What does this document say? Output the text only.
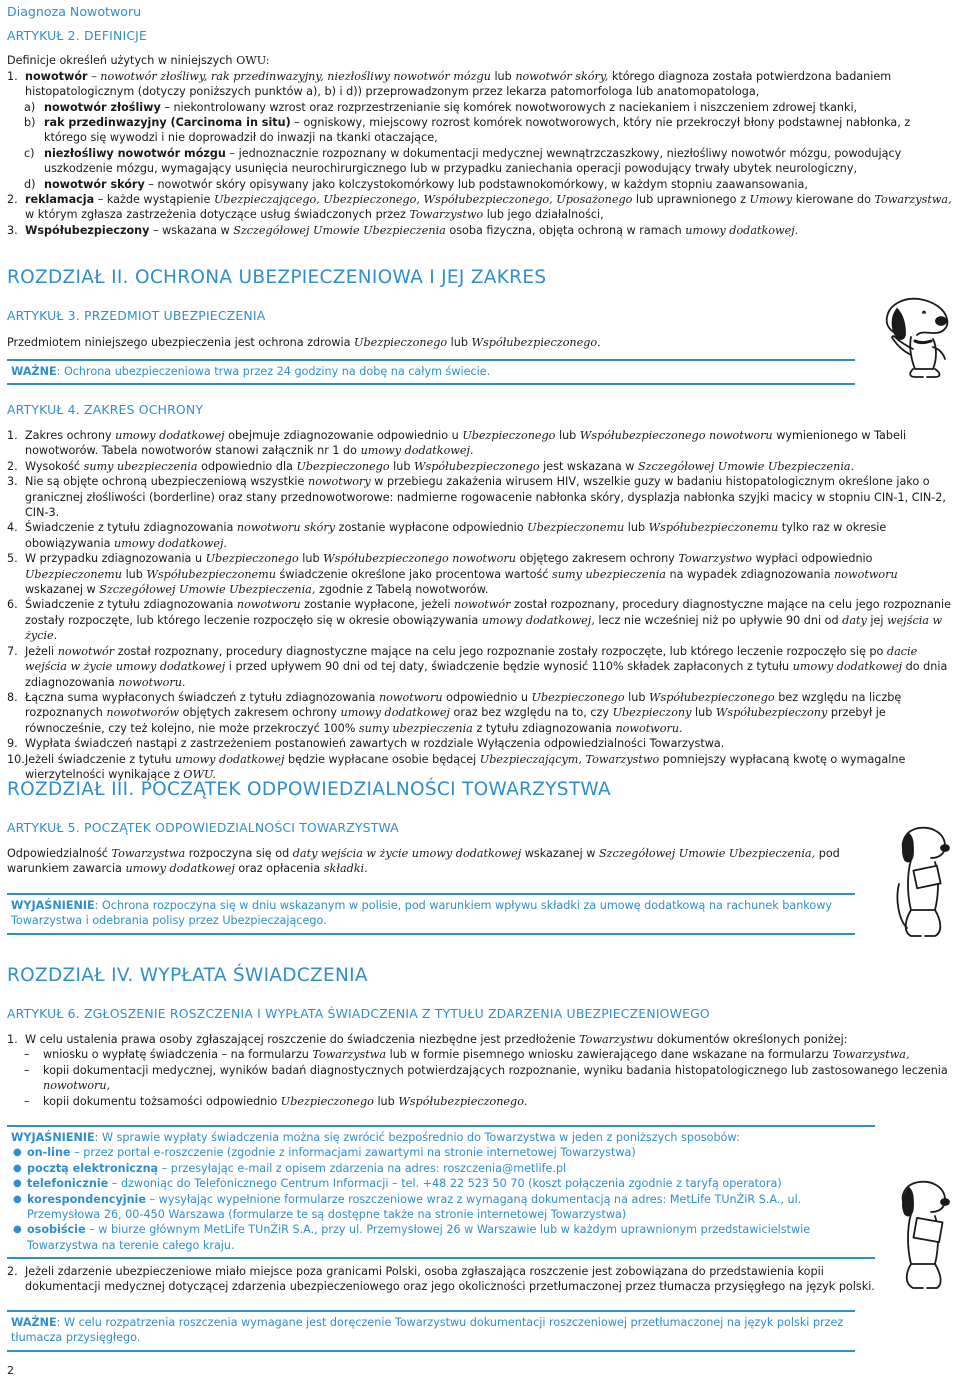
Diagnoza Nowotworu
ARTYKUŁ 2. DEFINICJE

Definicje określeń użytych w niniejszych OWU:

1. nowotwór – nowotwór złośliwy, rak przedinwazyjny, niezłośliwy nowotwór mózgu lub nowotwór skóry, którego diagnoza została potwierdzona badaniem histopatologicznym (dotyczy poniższych punktów a), b) i d)) przeprowadzonym przez lekarza patomorfologa lub anatomopatologa,
a) nowotwór złośliwy – niekontrolowany wzrost oraz rozprzestrzenianie się komórek nowotworowych z naciekaniem i niszczeniem zdrowej tkanki,
b) rak przedinwazyjny (Carcinoma in situ) – ogniskowy, miejscowy rozrost komórek nowotworowych, który nie przekroczył błony podstawnej nabłonka, z którego się wywodzi i nie doprowadził do inwazji na tkanki otaczające,
c) niezłośliwy nowotwór mózgu – jednoznacznie rozpoznany w dokumentacji medycznej wewnątrzczaszkowy, niezłośliwy nowotwór mózgu, powodujący uszkodzenie mózgu, wymagający usunięcia neurochirurgicznego lub w przypadku zaniechania operacji powodujący trwały ubytek neurologiczny,
d) nowotwór skóry – nowotwór skóry opisywany jako kolczystokomórkowy lub podstawnokomórkowy, w każdym stopniu zaawansowania,
2. reklamacja – każde wystąpienie Ubezpieczającego, Ubezpieczonego, Współubezpieczonego, Uposażonego lub uprawnionego z Umowy kierowane do Towarzystwa, w którym zgłasza zastrzeżenia dotyczące usług świadczonych przez Towarzystwo lub jego działalności,
3. Współubezpieczony – wskazana w Szczegółowej Umowie Ubezpieczenia osoba fizyczna, objęta ochroną w ramach umowy dodatkowej.
ROZDZIAŁ II. OCHRONA UBEZPIECZENIOWA I JEJ ZAKRES
ARTYKUŁ 3. PRZEDMIOT UBEZPIECZENIA

Przedmiotem niniejszego ubezpieczenia jest ochrona zdrowia Ubezpieczonego lub Współubezpieczonego.

WAŻNE: Ochrona ubezpieczeniowa trwa przez 24 godziny na dobę na całym świecie.
ARTYKUŁ 4. ZAKRES OCHRONY
1. Zakres ochrony umowy dodatkowej obejmuje zdiagnozowanie odpowiednio u Ubezpieczonego lub Współubezpieczonego nowotworu wymienionego w Tabeli nowotworów. Tabela nowotworów stanowi załącznik nr 1 do umowy dodatkowej.
2. Wysokość sumy ubezpieczenia odpowiednio dla Ubezpieczonego lub Współubezpieczonego jest wskazana w Szczegółowej Umowie Ubezpieczenia.
3. Nie są objęte ochroną ubezpieczeniową wszystkie nowotwory w przebiegu zakażenia wirusem HIV, wszelkie guzy w badaniu histopatologicznym określone jako o granicznej złośliwości (borderline) oraz stany przednowotworowe: nadmierne rogowacenie nabłonka skóry, dysplazja nabłonka szyjki macicy w stopniu CIN-1, CIN-2, CIN-3.
4. Świadczenie z tytułu zdiagnozowania nowotworu skóry zostanie wypłacone odpowiednio Ubezpieczonemu lub Współubezpieczonemu tylko raz w okresie obowiązywania umowy dodatkowej.
5. W przypadku zdiagnozowania u Ubezpieczonego lub Współubezpieczonego nowotworu objętego zakresem ochrony Towarzystwo wypłaci odpowiednio Ubezpieczonemu lub Współubezpieczonemu świadczenie określone jako procentowa wartość sumy ubezpieczenia na wypadek zdiagnozowania nowotworu wskazanej w Szczegółowej Umowie Ubezpieczenia, zgodnie z Tabelą nowotworów.
6. Świadczenie z tytułu zdiagnozowania nowotworu zostanie wypłacone, jeżeli nowotwór został rozpoznany, procedury diagnostyczne mające na celu jego rozpoznanie zostały rozpoczęte, lub którego leczenie rozpoczęło się w okresie obowiązywania umowy dodatkowej, lecz nie wcześniej niż po upływie 90 dni od daty jej wejścia w życie.
7. Jeżeli nowotwór został rozpoznany, procedury diagnostyczne mające na celu jego rozpoznanie zostały rozpoczęte, lub którego leczenie rozpoczęło się po dacie wejścia w życie umowy dodatkowej i przed upływem 90 dni od tej daty, świadczenie będzie wynosić 110% składek zapłaconych z tytułu umowy dodatkowej do dnia zdiagnozowania nowotworu.
8. Łączna suma wypłaconych świadczeń z tytułu zdiagnozowania nowotworu odpowiednio u Ubezpieczonego lub Współubezpieczonego bez względu na liczbę rozpoznanych nowotworów objętych zakresem ochrony umowy dodatkowej oraz bez względu na to, czy Ubezpieczony lub Współubezpieczony przebył je równocześnie, czy też kolejno, nie może przekroczyć 100% sumy ubezpieczenia z tytułu zdiagnozowania nowotworu.
9. Wypłata świadczeń nastąpi z zastrzeżeniem postanowień zawartych w rozdziale Wyłączenia odpowiedzialności Towarzystwa.
10. Jeżeli świadczenie z tytułu umowy dodatkowej będzie wypłacane osobie będącej Ubezpieczającym, Towarzystwo pomniejszy wypłacaną kwotę o wymagalne wierzytelności wynikające z OWU.
ROZDZIAŁ III. POCZĄTEK ODPOWIEDZIALNOŚCI TOWARZYSTWA
ARTYKUŁ 5. POCZĄTEK ODPOWIEDZIALNOŚCI TOWARZYSTWA

Odpowiedzialność Towarzystwa rozpoczyna się od daty wejścia w życie umowy dodatkowej wskazanej w Szczegółowej Umowie Ubezpieczenia, pod warunkiem zawarcia umowy dodatkowej oraz opłacenia składki.

WYJAŚNIENIE: Ochrona rozpoczyna się w dniu wskazanym w polisie, pod warunkiem wpływu składki za umowę dodatkową na rachunek bankowy Towarzystwa i odebrania polisy przez Ubezpieczającego.
ROZDZIAŁ IV. WYPŁATA ŚWIADCZENIA
ARTYKUŁ 6. ZGŁOSZENIE ROSZCZENIA I WYPŁATA ŚWIADCZENIA Z TYTUŁU ZDARZENIA UBEZPIECZENIOWEGO
1. W celu ustalenia prawa osoby zgłaszającej roszczenie do świadczenia niezbędne jest przedłożenie Towarzystwu dokumentów określonych poniżej:
– wniosku o wypłatę świadczenia – na formularzu Towarzystwa lub w formie pisemnego wniosku zawierającego dane wskazane na formularzu Towarzystwa,
– kopii dokumentacji medycznej, wyników badań diagnostycznych potwierdzających rozpoznanie, wyniku badania histopatologicznego lub zastosowanego leczenia nowotworu,
– kopii dokumentu tożsamości odpowiednio Ubezpieczonego lub Współubezpieczonego.
WYJAŚNIENIE: W sprawie wypłaty świadczenia można się zwrócić bezpośrednio do Towarzystwa w jeden z poniższych sposobów:
● on-line – przez portal e-roszczenie (zgodnie z informacjami zawartymi na stronie internetowej Towarzystwa)
● pocztą elektroniczną – przesyłając e-mail z opisem zdarzenia na adres: roszczenia@metlife.pl
● telefonicznie – dzwoniąc do Telefonicznego Centrum Informacji – tel. +48 22 523 50 70 (koszt połączenia zgodnie z taryfą operatora)
● korespondencyjnie – wysyłając wypełnione formularze roszczeniowe wraz z wymaganą dokumentacją na adres: MetLife TUnŻiR S.A., ul. Przemysłowa 26, 00-450 Warszawa (formularze te są dostępne także na stronie internetowej Towarzystwa)
● osobiście – w biurze głównym MetLife TUnŻiR S.A., przy ul. Przemysłowej 26 w Warszawie lub w każdym uprawnionym przedstawicielstwie Towarzystwa na terenie całego kraju.
2. Jeżeli zdarzenie ubezpieczeniowe miało miejsce poza granicami Polski, osoba zgłaszająca roszczenie jest zobowiązana do przedstawienia kopii dokumentacji medycznej dotyczącej zdarzenia ubezpieczeniowego oraz jego okoliczności przetłumaczonej przez tłumacza przysięgłego na język polski.
WAŻNE: W celu rozpatrzenia roszczenia wymagane jest doręczenie Towarzystwu dokumentacji roszczeniowej przetłumaczonej na język polski przez tłumacza przysięgłego.
2
